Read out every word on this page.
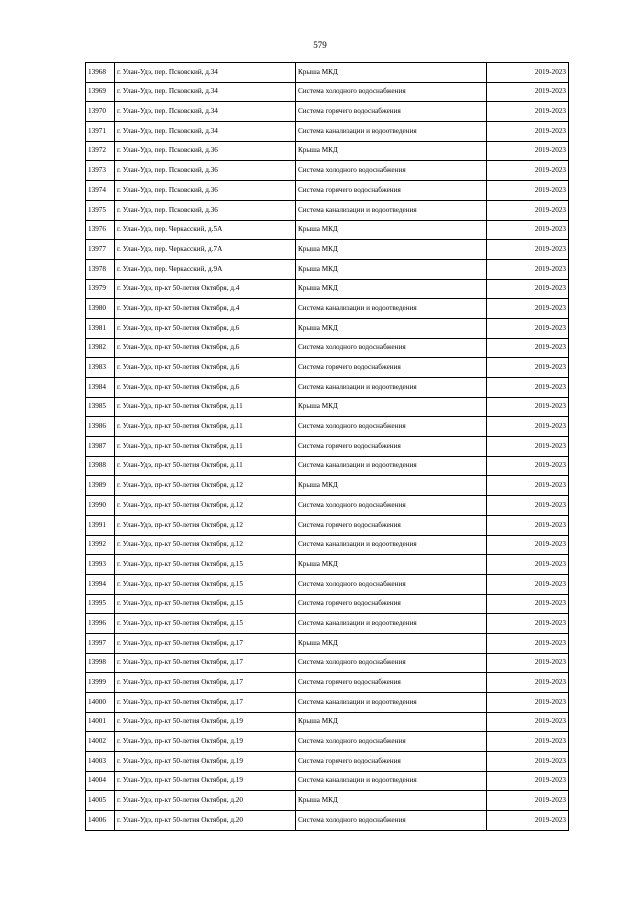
579
13968	г. Улан-Удэ, пер. Псковский, д.34	Крыша МКД	2019-2023
13969	г. Улан-Удэ, пер. Псковский, д.34	Система холодного водоснабжения	2019-2023
13970	г. Улан-Удэ, пер. Псковский, д.34	Система горячего водоснабжения	2019-2023
13971	г. Улан-Удэ, пер. Псковский, д.34	Система канализации и водоотведения	2019-2023
13972	г. Улан-Удэ, пер. Псковский, д.36	Крыша МКД	2019-2023
13973	г. Улан-Удэ, пер. Псковский, д.36	Система холодного водоснабжения	2019-2023
13974	г. Улан-Удэ, пер. Псковский, д.36	Система горячего водоснабжения	2019-2023
13975	г. Улан-Удэ, пер. Псковский, д.36	Система канализации и водоотведения	2019-2023
13976	г. Улан-Удэ, пер. Черкасский, д.5А	Крыша МКД	2019-2023
13977	г. Улан-Удэ, пер. Черкасский, д.7А	Крыша МКД	2019-2023
13978	г. Улан-Удэ, пер. Черкасский, д.9А	Крыша МКД	2019-2023
13979	г. Улан-Удэ, пр-кт 50-летия Октября, д.4	Крыша МКД	2019-2023
13980	г. Улан-Удэ, пр-кт 50-летия Октября, д.4	Система канализации и водоотведения	2019-2023
13981	г. Улан-Удэ, пр-кт 50-летия Октября, д.6	Крыша МКД	2019-2023
13982	г. Улан-Удэ, пр-кт 50-летия Октября, д.6	Система холодного водоснабжения	2019-2023
13983	г. Улан-Удэ, пр-кт 50-летия Октября, д.6	Система горячего водоснабжения	2019-2023
13984	г. Улан-Удэ, пр-кт 50-летия Октября, д.6	Система канализации и водоотведения	2019-2023
13985	г. Улан-Удэ, пр-кт 50-летия Октября, д.11	Крыша МКД	2019-2023
13986	г. Улан-Удэ, пр-кт 50-летия Октября, д.11	Система холодного водоснабжения	2019-2023
13987	г. Улан-Удэ, пр-кт 50-летия Октября, д.11	Система горячего водоснабжения	2019-2023
13988	г. Улан-Удэ, пр-кт 50-летия Октября, д.11	Система канализации и водоотведения	2019-2023
13989	г. Улан-Удэ, пр-кт 50-летия Октября, д.12	Крыша МКД	2019-2023
13990	г. Улан-Удэ, пр-кт 50-летия Октября, д.12	Система холодного водоснабжения	2019-2023
13991	г. Улан-Удэ, пр-кт 50-летия Октября, д.12	Система горячего водоснабжения	2019-2023
13992	г. Улан-Удэ, пр-кт 50-летия Октября, д.12	Система канализации и водоотведения	2019-2023
13993	г. Улан-Удэ, пр-кт 50-летия Октября, д.15	Крыша МКД	2019-2023
13994	г. Улан-Удэ, пр-кт 50-летия Октября, д.15	Система холодного водоснабжения	2019-2023
13995	г. Улан-Удэ, пр-кт 50-летия Октября, д.15	Система горячего водоснабжения	2019-2023
13996	г. Улан-Удэ, пр-кт 50-летия Октября, д.15	Система канализации и водоотведения	2019-2023
13997	г. Улан-Удэ, пр-кт 50-летия Октября, д.17	Крыша МКД	2019-2023
13998	г. Улан-Удэ, пр-кт 50-летия Октября, д.17	Система холодного водоснабжения	2019-2023
13999	г. Улан-Удэ, пр-кт 50-летия Октября, д.17	Система горячего водоснабжения	2019-2023
14000	г. Улан-Удэ, пр-кт 50-летия Октября, д.17	Система канализации и водоотведения	2019-2023
14001	г. Улан-Удэ, пр-кт 50-летия Октября, д.19	Крыша МКД	2019-2023
14002	г. Улан-Удэ, пр-кт 50-летия Октября, д.19	Система холодного водоснабжения	2019-2023
14003	г. Улан-Удэ, пр-кт 50-летия Октября, д.19	Система горячего водоснабжения	2019-2023
14004	г. Улан-Удэ, пр-кт 50-летия Октября, д.19	Система канализации и водоотведения	2019-2023
14005	г. Улан-Удэ, пр-кт 50-летия Октября, д.20	Крыша МКД	2019-2023
14006	г. Улан-Удэ, пр-кт 50-летия Октября, д.20	Система холодного водоснабжения	2019-2023
